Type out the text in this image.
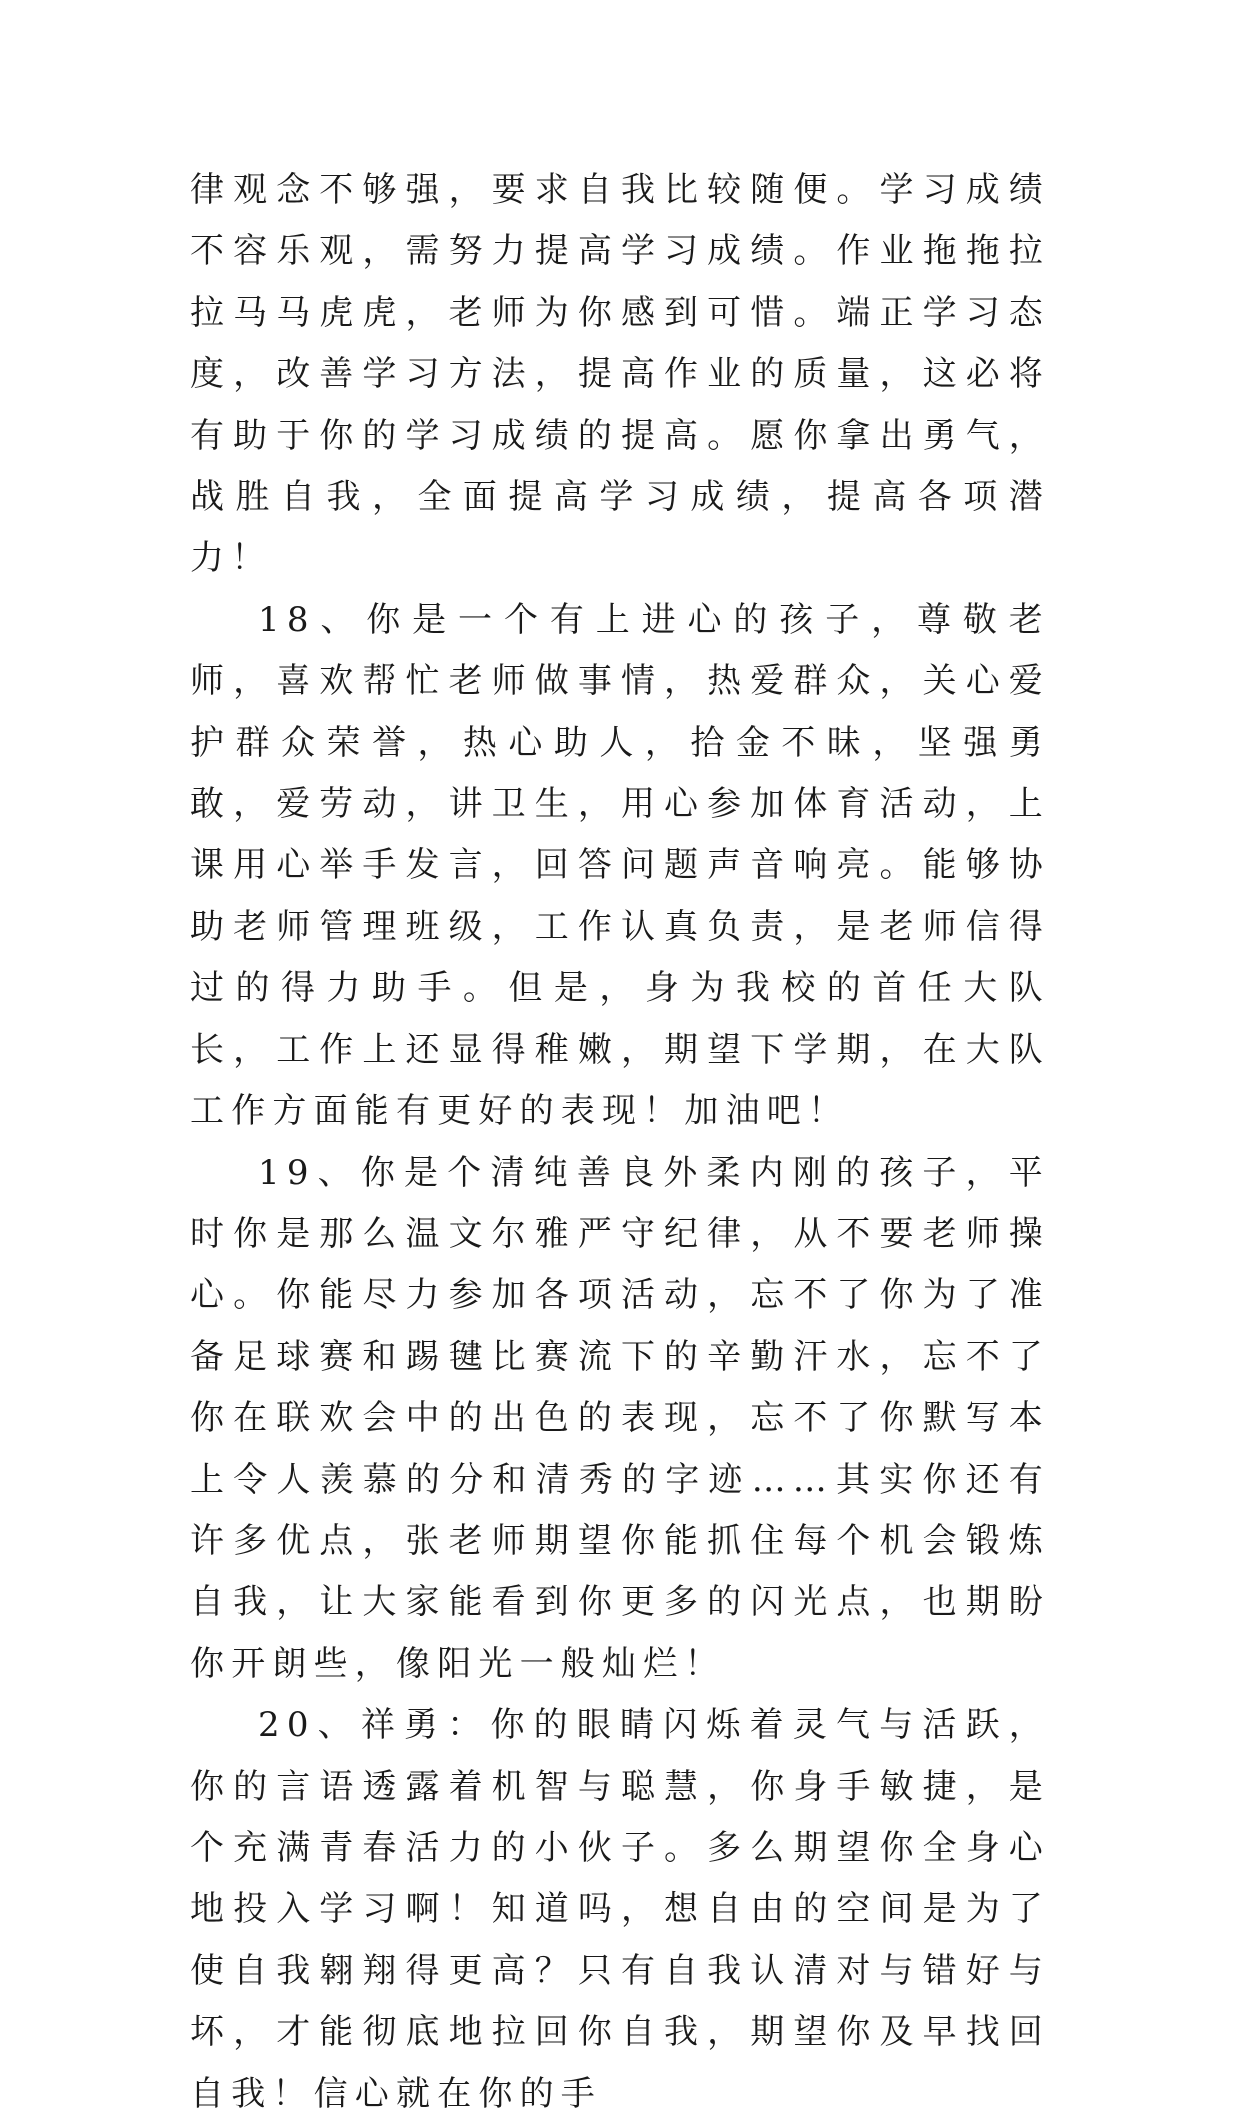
律观念不够强，要求自我比较随便。学习成绩不容乐观，需努力提高学习成绩。作业拖拖拉拉马马虎虎，老师为你感到可惜。端正学习态度，改善学习方法，提高作业的质量，这必将有助于你的学习成绩的提高。愿你拿出勇气，战胜自我，全面提高学习成绩，提高各项潜力！

18、你是一个有上进心的孩子，尊敬老师，喜欢帮忙老师做事情，热爱群众，关心爱护群众荣誉，热心助人，拾金不昧，坚强勇敢，爱劳动，讲卫生，用心参加体育活动，上课用心举手发言，回答问题声音响亮。能够协助老师管理班级，工作认真负责，是老师信得过的得力助手。但是，身为我校的首任大队长，工作上还显得稚嫩，期望下学期，在大队工作方面能有更好的表现！加油吧！

19、你是个清纯善良外柔内刚的孩子，平时你是那么温文尔雅严守纪律，从不要老师操心。你能尽力参加各项活动，忘不了你为了准备足球赛和踢毽比赛流下的辛勤汗水，忘不了你在联欢会中的出色的表现，忘不了你默写本上令人羡慕的分和清秀的字迹……其实你还有许多优点，张老师期望你能抓住每个机会锻炼自我，让大家能看到你更多的闪光点，也期盼你开朗些，像阳光一般灿烂！

20、祥勇：你的眼睛闪烁着灵气与活跃，你的言语透露着机智与聪慧，你身手敏捷，是个充满青春活力的小伙子。多么期望你全身心地投入学习啊！知道吗，想自由的空间是为了使自我翱翔得更高？只有自我认清对与错好与坏，才能彻底地拉回你自我，期望你及早找回自我！信心就在你的手
